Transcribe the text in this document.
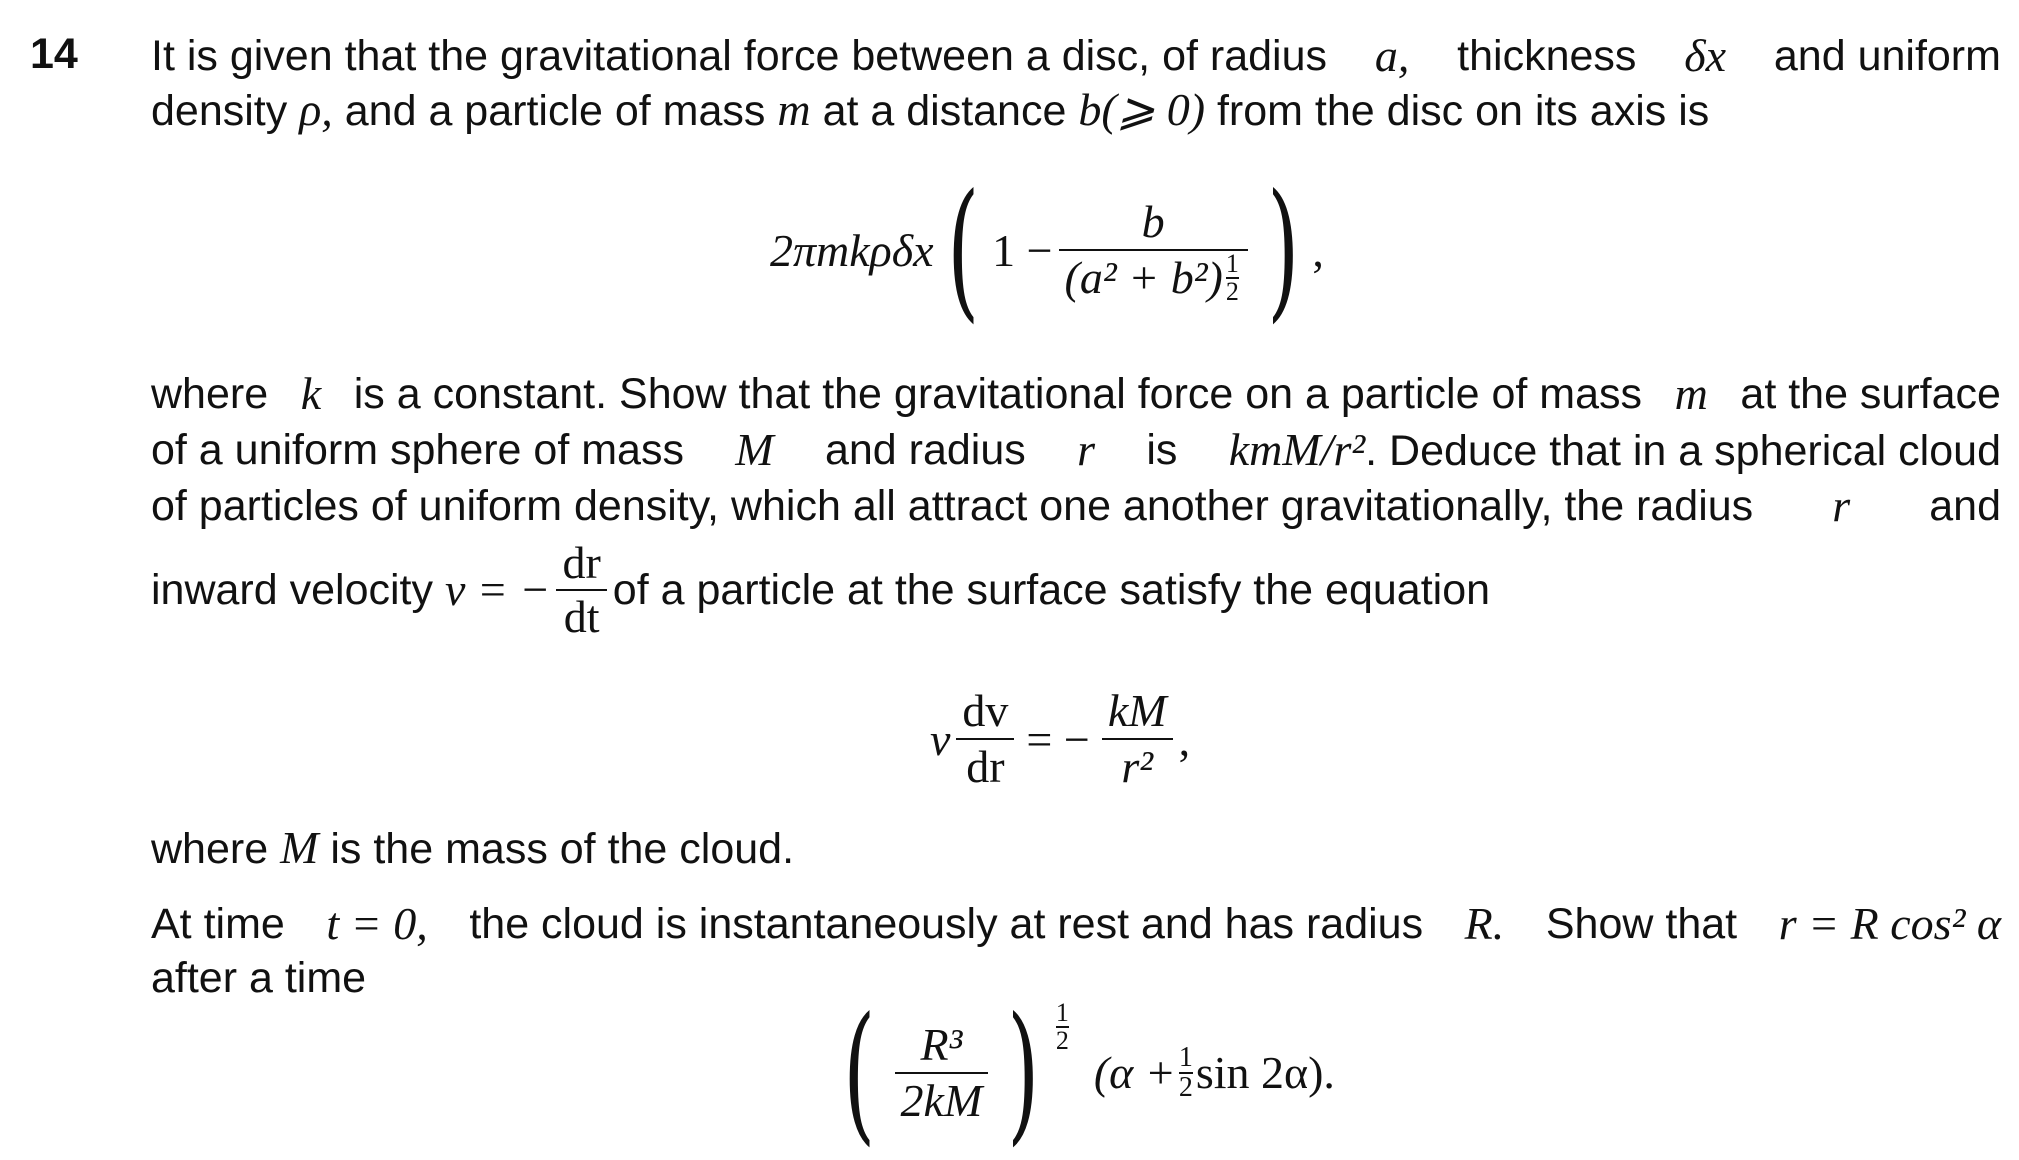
14 It is given that the gravitational force between a disc, of radius a, thickness δx and uniform
density ρ, and a particle of mass m at a distance b(⩾ 0) from the disc on its axis is
2πmkρδx ( $1 - \frac{b}{(a^2 + b^2) \frac{1}{2}}$ ) ,
where k is a constant. Show that the gravitational force on a particle of mass m at the surface
of a uniform sphere of mass M and radius r is kmM/r². Deduce that in a spherical cloud
of particles of uniform density, which all attract one another gravitationally, the radius r and
inward velocity
v = − $\frac{dr}{dt}$ of a particle at the surface satisfy the equation
v $\frac{dv}{dr}$ = − $\frac{kM}{\text{r²}}$ ,
where M is the mass of the cloud.
At time t = 0, the cloud is instantaneously at rest and has radius R. Show that r = R cos² α
after a time
( $\frac{\text{R³}}{2kM}$ ) 1
2
(α + 1
2 sin 2α).
